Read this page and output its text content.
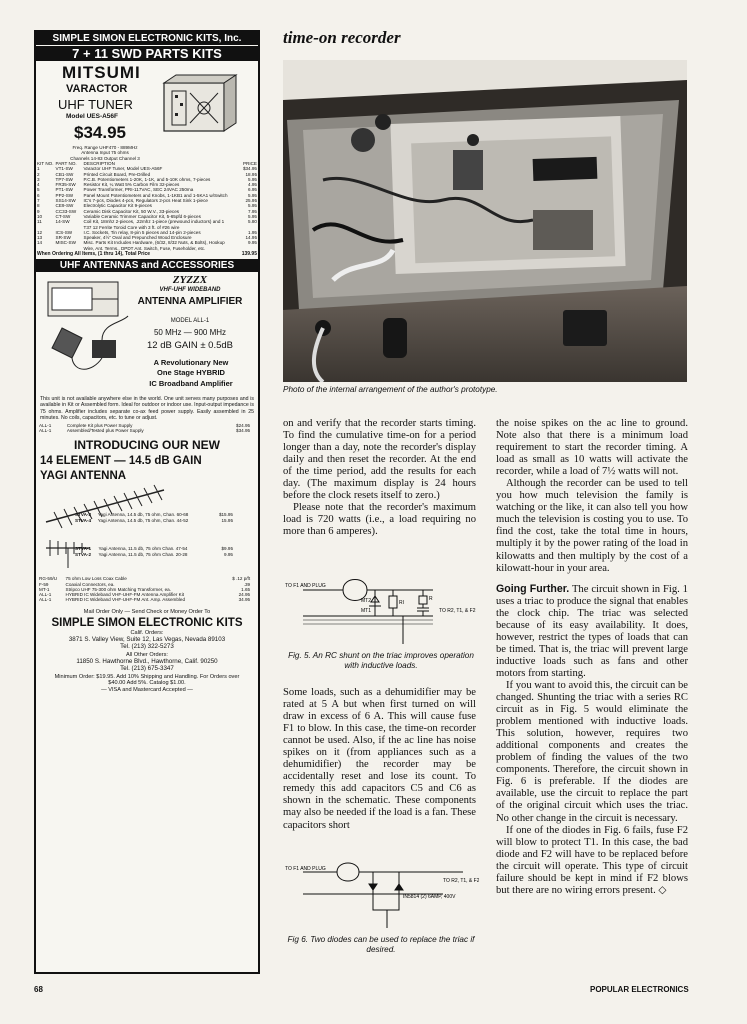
SIMPLE SIMON ELECTRONIC KITS, Inc.
7 + 11 SWD PARTS KITS
MITSUMI
VARACTOR
UHF TUNER
Model UES-A56F
$34.95
Freq. Range UHF470 - 889MHz
Antenna Input 75 ohms
Channels 14-83 Output Channel 3
KIT NO.	PART NO.	DESCRIPTION	PRICE
1	VT1-SW	Varactor UHF Tuner, Model UES-A56F	$34.95
2	CB1-SW	Printed Circuit Board, Pre-Drilled	18.95
3	TP7-SW	P.C.B. Potentiometers 1-20K, 1-1K, and 5-10K ohms, 7-pieces	5.95
4	FR35-SW	Resistor Kit, ¼ Watt 5% Carbon Film 32-pieces	4.95
5	PT1-SW	Power Transformer, PRI-117VAC, SEC 24VAC 250ma	6.95
6	PP2-SW	Panel Mount Potentiometers and Knobs, 1-1KB1 and 1-5KA1 w/Switch	5.95
7	SS14-SW	IC's 7-pcs, Diodes 4-pcs, Regulators 2-pcs Heat Sink 1-piece	25.95
8	CE9-SW	Electrolytic Capacitor Kit 9-pieces	5.95
9	CC33-SW	Ceramic Disk Capacitor Kit, 50 W.V., 33-pieces	7.95
10	CT-SW	Variable Ceramic Trimmer Capacitor Kit, 5-65pfd 6-pieces	5.95
11	14-SW	Coil Kit, 18mhz 2-pieces, .22mhz 1-piece (prewound inductors) and 1 T37 12 Ferrite Toroid Core with 3 ft. of #26 wire	5.80
12	ICS-SW	I.C. Sockets, Tin relay, 8-pin 5 pieces and 14-pin 2-pieces	1.95
13	SR-SW	Speaker, 4½" Oval and Prepunched Wood Enclosure	14.95
14	MISC-SW	Misc. Parts Kit Includes Hardware, (6/32, 8/32 Nuts, & Bolts), Hookup Wire, Ant. Terms., DPDT Ant. Switch, Fuse, Fuseholder, etc.	9.95
When Ordering All Items, (1 thru 14), Total Price	139.95
UHF ANTENNAS and ACCESSORIES
ZYZZX
VHF-UHF WIDEBAND
ANTENNA AMPLIFIER
MODEL ALL-1
50 MHz — 900 MHz
12 dB GAIN ± 0.5dB
A Revolutionary New
One Stage HYBRID
IC Broadband Amplifier
This unit is not available anywhere else in the world. One unit serves many purposes and is available in Kit or Assembled form. Ideal for outdoor or indoor use. Input-output impedance is 75 ohms. Amplifier includes separate co-ax feed power supply. Easily assembled in 25 minutes. No coils, capacitors, etc. to tune or adjust.
ALL-1	Complete Kit plus Power Supply	$24.95
ALL-1	Assembled/Tested plus Power Supply	$34.95
INTRODUCING OUR NEW
14 ELEMENT — 14.5 dB GAIN
YAGI ANTENNA
STVA-3	Yagi Antenna, 14.5 db, 75 ohm, Chan. 60-68	$15.95
STVA-4	Yagi Antenna, 14.5 db, 75 ohm, Chan. 44-52	15.95
STVA-1	Yagi Antenna, 11.5 db, 75 ohm Chan. 47-54	$9.95
STVA-2	Yagi Antenna, 11.5 db, 75 ohm Chan. 20-28	9.95
RG-59/U	75 ohm Low Loss Coax Cable	$ .12 p/ft
F-59	Coaxial Connectors, ea.	.39
MT-1	Stripco UHF 75-300 ohm Matching Transformer, ea.	1.65
ALL-1	HYBRID IC Wideband VHF-UHF-FM Antenna Amplifier Kit	24.95
ALL-1	HYBRID IC Wideband VHF-UHF-FM Ant. Amp. Assembled	34.95
Mail Order Only — Send Check or Money Order To
SIMPLE SIMON ELECTRONIC KITS
Calif. Orders:
3871 S. Valley View, Suite 12, Las Vegas, Nevada 89103
Tel. (213) 322-5273
All Other Orders:
11850 S. Hawthorne Blvd., Hawthorne, Calif. 90250
Tel. (213) 675-3347
Minimum Order: $19.95. Add 10% Shipping and Handling. For Orders over $40.00 Add 5%. Catalog $1.00.
— VISA and Mastercard Accepted —
time-on recorder
Photo of the internal arrangement of the author's prototype.

on and verify that the recorder starts timing. To find the cumulative time-on for a period longer than a day, note the recorder's display daily and then reset the recorder. At the end of the time period, add the results for each day. (The maximum display is 24 hours before the clock resets itself to zero.)

Please note that the recorder's maximum load is 720 watts (i.e., a load requiring no more than 6 amperes).

TO F1 AND PLUG
MT2
MT1
RI
R
TO R2, T1, & F2
Fig. 5. An RC shunt on the triac improves operation with inductive loads.

Some loads, such as a dehumidifier may be rated at 5 A but when first turned on will draw in excess of 6 A. This will cause fuse F1 to blow. In this case, the time-on recorder cannot be used. Also, if the ac line has noise spikes on it (from appliances such as a dehumidifier) the recorder may be accidentally reset and lose its count. To remedy this add capacitors C5 and C6 as shown in the schematic. These components may also be needed if the load is a fan. These capacitors short

TO F1 AND PLUG
IN5814 (2) 6AMP, 400V
TO R2, T1, & F2
Fig 6. Two diodes can be used to replace the triac if desired.

the noise spikes on the ac line to ground. Note also that there is a minimum load requirement to start the recorder timing. A load as small as 10 watts will activate the recorder, while a load of 7½ watts will not.

Although the recorder can be used to tell you how much television the family is watching or the like, it can also tell you how much the television is costing you to use. To find the cost, take the total time in hours, multiply it by the power rating of the load in kilowatts and then multiply by the cost of a kilowatt-hour in your area.

Going Further. The circuit shown in Fig. 1 uses a triac to produce the signal that enables the clock chip. The triac was selected because of its easy availability. It does, however, restrict the types of loads that can be timed. That is, the triac will prevent large inductive loads such as fans and other motors from starting.

If you want to avoid this, the circuit can be changed. Shunting the triac with a series RC circuit as in Fig. 5 would eliminate the problem mentioned with inductive loads. This solution, however, requires two additional components and creates the problem of finding the values of the two components. Therefore, the circuit shown in Fig. 6 is preferable. If the diodes are available, use the circuit to replace the part of the original circuit which uses the triac. No other change in the circuit is necessary.

If one of the diodes in Fig. 6 fails, fuse F2 will blow to protect T1. In this case, the bad diode and F2 will have to be replaced before the circuit will operate. This type of circuit failure should be kept in mind if F2 blows but there are no wiring errors present. ◇

68	POPULAR ELECTRONICS
